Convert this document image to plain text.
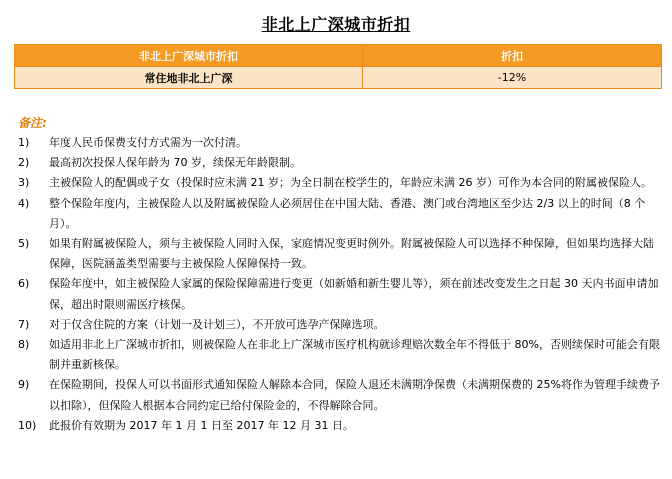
非北上广深城市折扣
非北上广深城市折扣	折扣
常住地非北上广深	-12%
备注:
1) 年度人民币保费支付方式需为一次付清。
2) 最高初次投保人保年龄为 70 岁，续保无年龄限制。
3) 主被保险人的配偶或子女（投保时应未满 21 岁；为全日制在校学生的，年龄应未满 26 岁）可作为本合同的附属被保险人。
4) 整个保险年度内，主被保险人以及附属被保险人必须居住在中国大陆、香港、澳门或台湾地区至少达 2/3 以上的时间（8 个月）。
5) 如果有附属被保险人，须与主被保险人同时入保，家庭情况变更时例外。附属被保险人可以选择不种保障，但如果均选择大陆保障，医院涵盖类型需要与主被保险人保障保持一致。
6) 保险年度中，如主被保险人家属的保险保障需进行变更（如新婚和新生婴儿等），须在前述改变发生之日起 30 天内书面申请加保，超出时限则需医疗核保。
7) 对于仅含住院的方案（计划一及计划三），不开放可选孕产保障选项。
8) 如适用非北上广深城市折扣，则被保险人在非北上广深城市医疗机构就诊理赔次数全年不得低于 80%，否则续保时可能会有限制并重新核保。
9) 在保险期间，投保人可以书面形式通知保险人解除本合同，保险人退还未满期净保费（未满期保费的 25%将作为管理手续费予以扣除），但保险人根据本合同约定已给付保险金的，不得解除合同。
10) 此报价有效期为 2017 年 1 月 1 日至 2017 年 12 月 31 日。
